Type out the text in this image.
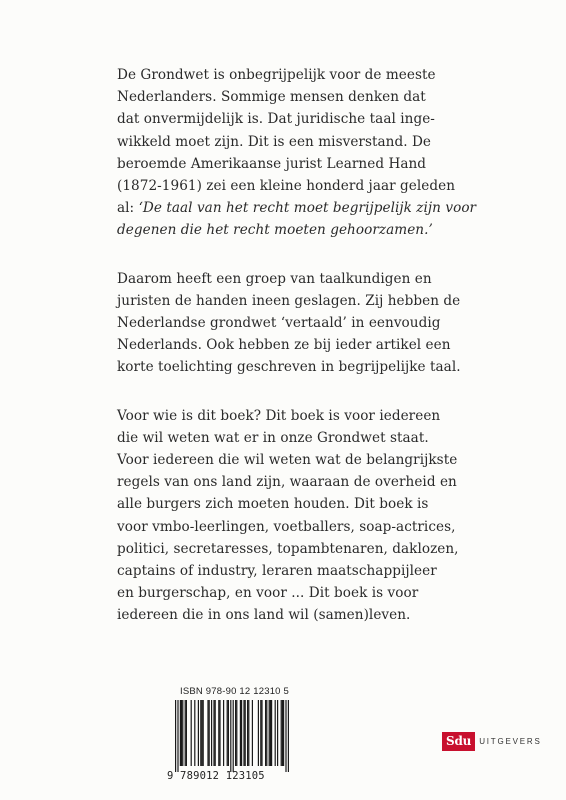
De Grondwet is onbegrijpelijk voor de meeste
Nederlanders. Sommige mensen denken dat
dat onvermijdelijk is. Dat juridische taal inge-
wikkeld moet zijn. Dit is een misverstand. De
beroemde Amerikaanse jurist Learned Hand
(1872-1961) zei een kleine honderd jaar geleden
al: ‘De taal van het recht moet begrijpelijk zijn voor
degenen die het recht moeten gehoorzamen.’

Daarom heeft een groep van taalkundigen en
juristen de handen ineen geslagen. Zij hebben de
Nederlandse grondwet ‘vertaald’ in eenvoudig
Nederlands. Ook hebben ze bij ieder artikel een
korte toelichting geschreven in begrijpelijke taal.

Voor wie is dit boek? Dit boek is voor iedereen
die wil weten wat er in onze Grondwet staat.
Voor iedereen die wil weten wat de belangrijkste
regels van ons land zijn, waaraan de overheid en
alle burgers zich moeten houden. Dit boek is
voor vmbo-leerlingen, voetballers, soap-actrices,
politici, secretaresses, topambtenaren, daklozen,
captains of industry, leraren maatschappijleer
en burgerschap, en voor ... Dit boek is voor
iedereen die in ons land wil (samen)leven.

ISBN 978-90 12 12310 5
9 789012 123105
Sdu	UITGEVERS
